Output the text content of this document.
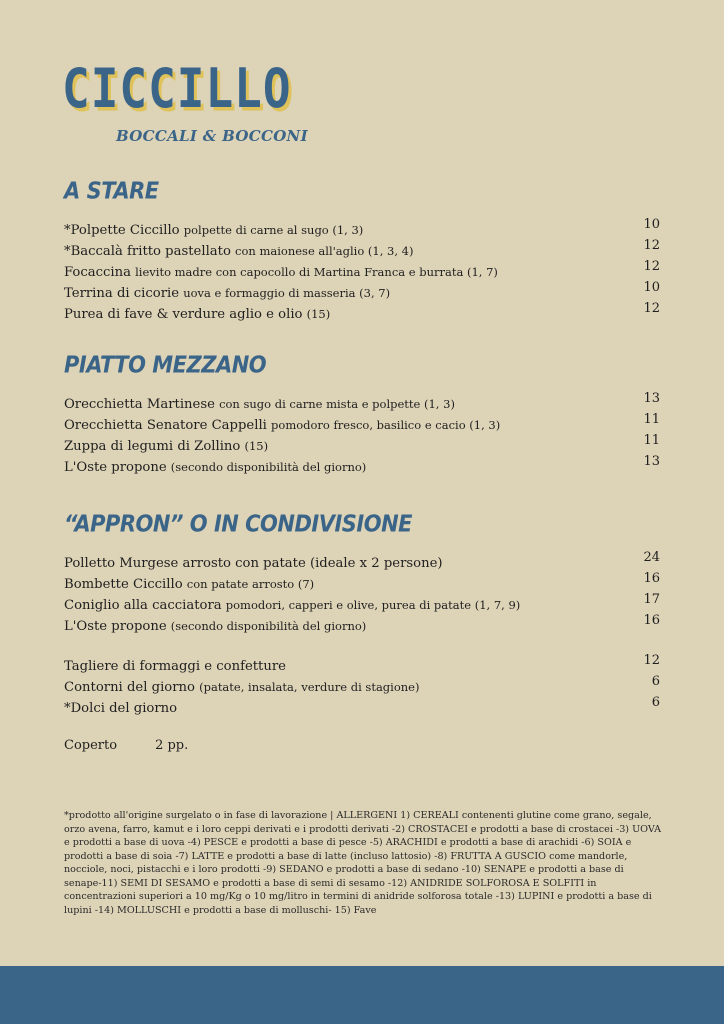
CICCILLO
BOCCALI & BOCCONI
A STARE
*Polpette Ciccillo polpette di carne al sugo (1, 3)	10
*Baccalà fritto pastellato con maionese all'aglio (1, 3, 4)	12
Focaccina lievito madre con capocollo di Martina Franca e burrata (1, 7)	12
Terrina di cicorie uova e formaggio di masseria (3, 7)	10
Purea di fave & verdure aglio e olio (15)	12
PIATTO MEZZANO
Orecchietta Martinese con sugo di carne mista e polpette (1, 3)	13
Orecchietta Senatore Cappelli pomodoro fresco, basilico e cacio (1, 3)	11
Zuppa di legumi di Zollino (15)	11
L'Oste propone (secondo disponibilità del giorno)	13
“APPRON” O IN CONDIVISIONE
Polletto Murgese arrosto con patate (ideale x 2 persone)	24
Bombette Ciccillo con patate arrosto (7)	16
Coniglio alla cacciatora pomodori, capperi e olive, purea di patate (1, 7, 9)	17
L'Oste propone (secondo disponibilità del giorno)	16
Tagliere di formaggi e confetture	12
Contorni del giorno (patate, insalata, verdure di stagione)	6
*Dolci del giorno	6
Coperto	2 pp.
*prodotto all'origine surgelato o in fase di lavorazione | ALLERGENI 1) CEREALI contenenti glutine come grano, segale, orzo avena, farro, kamut e i loro ceppi derivati e i prodotti derivati -2) CROSTACEI e prodotti a base di crostacei -3) UOVA e prodotti a base di uova -4) PESCE e prodotti a base di pesce -5) ARACHIDI e prodotti a base di arachidi -6) SOIA e prodotti a base di soia -7) LATTE e prodotti a base di latte (incluso lattosio) -8) FRUTTA A GUSCIO come mandorle, nocciole, noci, pistacchi e i loro prodotti -9) SEDANO e prodotti a base di sedano -10) SENAPE e prodotti a base di senape-11) SEMI DI SESAMO e prodotti a base di semi di sesamo -12) ANIDRIDE SOLFOROSA E SOLFITI in concentrazioni superiori a 10 mg/Kg o 10 mg/litro in termini di anidride solforosa totale -13) LUPINI e prodotti a base di lupini -14) MOLLUSCHI e prodotti a base di molluschi- 15) Fave
